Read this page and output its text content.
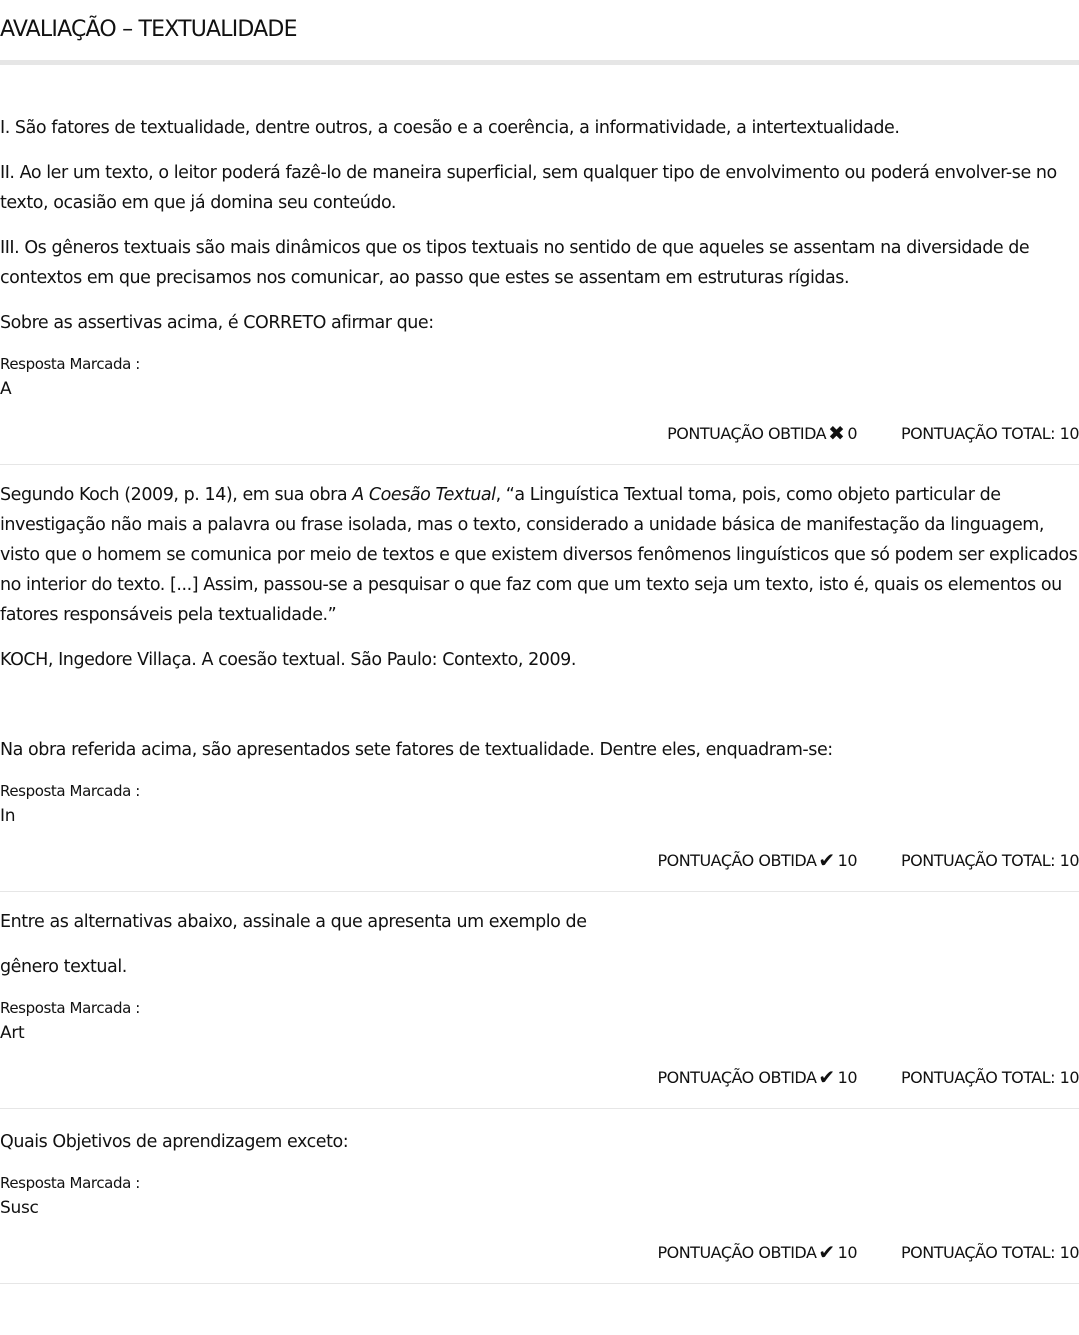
AVALIAÇÃO – TEXTUALIDADE

I. São fatores de textualidade, dentre outros, a coesão e a coerência, a informatividade, a intertextualidade.

II. Ao ler um texto, o leitor poderá fazê-lo de maneira superficial, sem qualquer tipo de envolvimento ou poderá envolver-se no texto, ocasião em que já domina seu conteúdo.

III. Os gêneros textuais são mais dinâmicos que os tipos textuais no sentido de que aqueles se assentam na diversidade de contextos em que precisamos nos comunicar, ao passo que estes se assentam em estruturas rígidas.

Sobre as assertivas acima, é CORRETO afirmar que:

Resposta Marcada :
A
PONTUAÇÃO OBTIDA ✖ 0	PONTUAÇÃO TOTAL: 10

Segundo Koch (2009, p. 14), em sua obra A Coesão Textual, “a Linguística Textual toma, pois, como objeto particular de investigação não mais a palavra ou frase isolada, mas o texto, considerado a unidade básica de manifestação da linguagem, visto que o homem se comunica por meio de textos e que existem diversos fenômenos linguísticos que só podem ser explicados no interior do texto. [...] Assim, passou-se a pesquisar o que faz com que um texto seja um texto, isto é, quais os elementos ou fatores responsáveis pela textualidade.”

KOCH, Ingedore Villaça. A coesão textual. São Paulo: Contexto, 2009.

Na obra referida acima, são apresentados sete fatores de textualidade. Dentre eles, enquadram-se:

Resposta Marcada :
In
PONTUAÇÃO OBTIDA ✔ 10	PONTUAÇÃO TOTAL: 10

Entre as alternativas abaixo, assinale a que apresenta um exemplo de

gênero textual.

Resposta Marcada :
Art
PONTUAÇÃO OBTIDA ✔ 10	PONTUAÇÃO TOTAL: 10

Quais Objetivos de aprendizagem exceto:

Resposta Marcada :
Susc
PONTUAÇÃO OBTIDA ✔ 10	PONTUAÇÃO TOTAL: 10
